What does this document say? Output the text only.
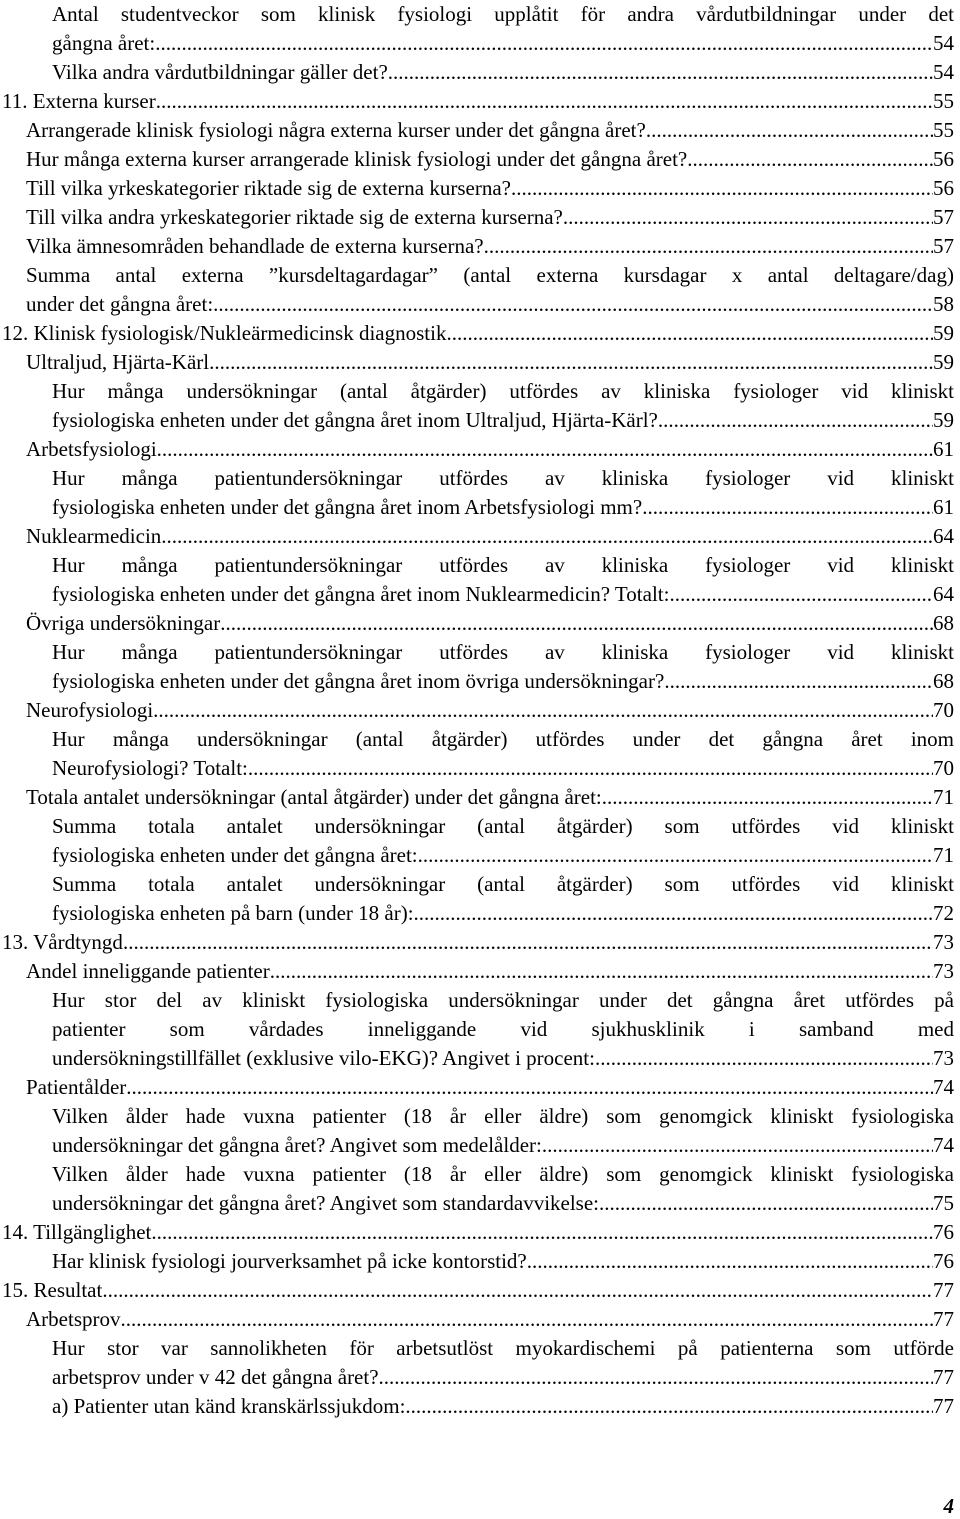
Antal studentveckor som klinisk fysiologi upplåtit för andra vårdutbildningar under det
gångna året: .....	54
Vilka andra vårdutbildningar gäller det? .....	54
11. Externa kurser .....	55
Arrangerade klinisk fysiologi några externa kurser under det gångna året? .....	55
Hur många externa kurser arrangerade klinisk fysiologi under det gångna året? .....	56
Till vilka yrkeskategorier riktade sig de externa kurserna? .....	56
Till vilka andra yrkeskategorier riktade sig de externa kurserna? .....	57
Vilka ämnesområden behandlade de externa kurserna? .....	57
Summa antal externa ”kursdeltagardagar” (antal externa kursdagar x antal deltagare/dag)
under det gångna året: .....	58
12. Klinisk fysiologisk/Nukleärmedicinsk diagnostik .....	59
Ultraljud, Hjärta-Kärl .....	59
Hur många undersökningar (antal åtgärder) utfördes av kliniska fysiologer vid kliniskt
fysiologiska enheten under det gångna året inom Ultraljud, Hjärta-Kärl? .....	59
Arbetsfysiologi .....	61
Hur många patientundersökningar utfördes av kliniska fysiologer vid kliniskt
fysiologiska enheten under det gångna året inom Arbetsfysiologi mm? .....	61
Nuklearmedicin .....	64
Hur många patientundersökningar utfördes av kliniska fysiologer vid kliniskt
fysiologiska enheten under det gångna året inom Nuklearmedicin? Totalt: .....	64
Övriga undersökningar .....	68
Hur många patientundersökningar utfördes av kliniska fysiologer vid kliniskt
fysiologiska enheten under det gångna året inom övriga undersökningar? .....	68
Neurofysiologi .....	70
Hur många undersökningar (antal åtgärder) utfördes under det gångna året inom
Neurofysiologi? Totalt: .....	70
Totala antalet undersökningar (antal åtgärder) under det gångna året: .....	71
Summa totala antalet undersökningar (antal åtgärder) som utfördes vid kliniskt
fysiologiska enheten under det gångna året: .....	71
Summa totala antalet undersökningar (antal åtgärder) som utfördes vid kliniskt
fysiologiska enheten på barn (under 18 år): .....	72
13. Vårdtyngd .....	73
Andel inneliggande patienter .....	73
Hur stor del av kliniskt fysiologiska undersökningar under det gångna året utfördes på
patienter som vårdades inneliggande vid sjukhusklinik i samband med
undersökningstillfället (exklusive vilo-EKG)? Angivet i procent: .....	73
Patientålder .....	74
Vilken ålder hade vuxna patienter (18 år eller äldre) som genomgick kliniskt fysiologiska
undersökningar det gångna året? Angivet som medelålder: .....	74
Vilken ålder hade vuxna patienter (18 år eller äldre) som genomgick kliniskt fysiologiska
undersökningar det gångna året? Angivet som standardavvikelse: .....	75
14. Tillgänglighet .....	76
Har klinisk fysiologi jourverksamhet på icke kontorstid? .....	76
15. Resultat .....	77
Arbetsprov .....	77
Hur stor var sannolikheten för arbetsutlöst myokardischemi på patienterna som utförde
arbetsprov under v 42 det gångna året? .....	77
a) Patienter utan känd kranskärlssjukdom: .....	77
4
